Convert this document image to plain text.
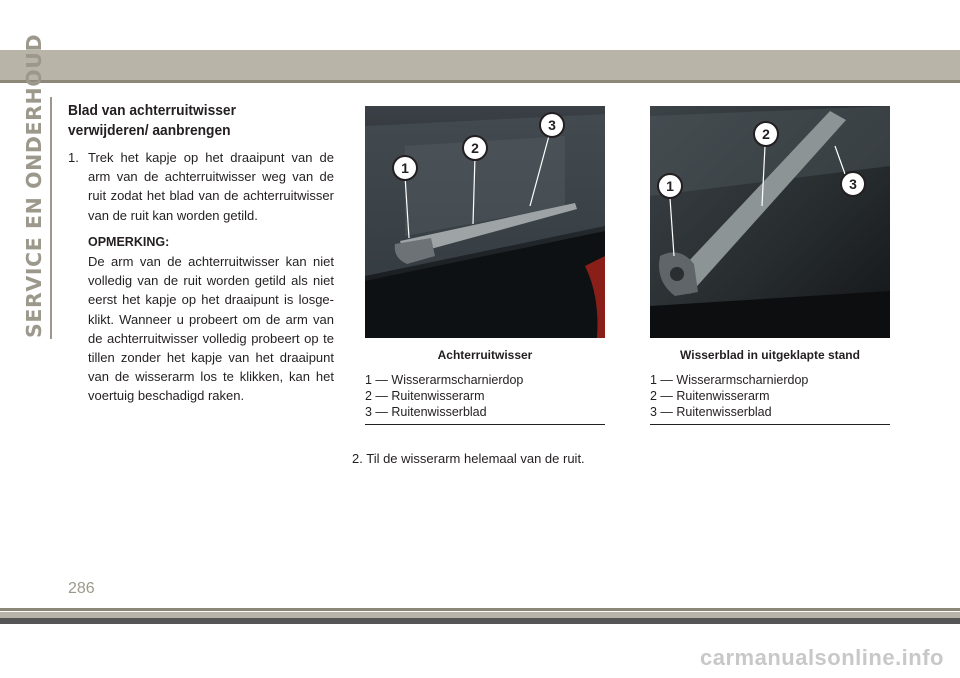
SERVICE EN ONDERHOUD Blad van achterruitwisser verwijderen/ aanbrengen
1. Trek het kapje op het draaipunt van de arm van de achterruitwisser weg van de ruit zodat het blad van de achterruitwisser van de ruit kan worden getild.
OPMERKING:
De arm van de achterruitwisser kan niet volledig van de ruit worden getild als niet eerst het kapje op het draaipunt is losgeklikt. Wanneer u probeert om de arm van de achterruitwisser volledig probeert op te tillen zonder het kapje van het draaipunt van de wisserarm los te klikken, kan het voertuig beschadigd raken.
1
2
3
Achterruitwisser
1 — Wisserarmscharnierdop
2 — Ruitenwisserarm
3 — Ruitenwisserblad
1
2
3
Wisserblad in uitgeklapte stand
1 — Wisserarmscharnierdop
2 — Ruitenwisserarm
3 — Ruitenwisserblad
2. Til de wisserarm helemaal van de ruit.
286
carmanualsonline.info
